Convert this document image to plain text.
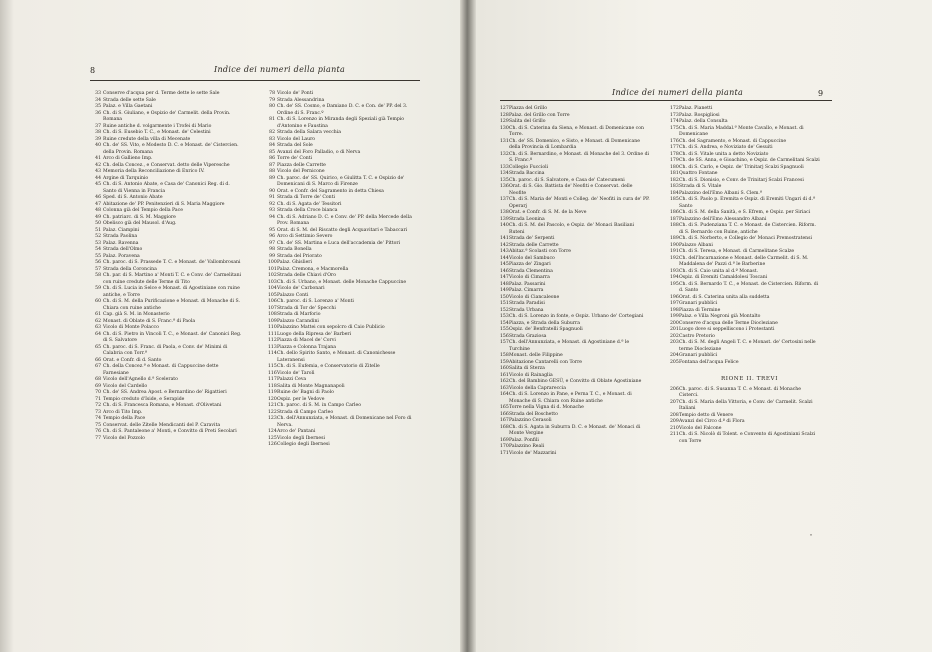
8	Indice dei numeri della pianta
33 Conserve d'acqua per d. Terme dette le sette Sale
34 Strada delle sette Sale
35 Palaz. e Villa Gaetani
36 Ch. di S. Giuliano, e Ospizio de' Carmelit. della Provin. Romana
37 Ruine antiche d. volgarmente i Trofei di Mario
38 Ch. di S. Eusebio T. C., e Monast. de' Celestini
39 Ruine credute della villa di Mecenate
40 Ch. de' SS. Vito, e Modesto D. C. e Monast. de' Cistercien. della Provin. Romana
41 Arco di Gallieno Imp.
42 Ch. della Concez., e Conservat. detto delle Viperesche
43 Memoria della Reconciliazione di Enrico IV.
44 Argine di Tarquinio
45 Ch. di S. Antonio Abate, e Casa de' Canonici Reg. di d. Santo di Vienna in Francia
46 Sped. di S. Antonio Abate
47 Abitazione de' PP. Penitenzieri di S. Maria Maggiore
48 Colonna già del Tempio della Pace
49 Ch. patriarc. di S. M. Maggiore
50 Obelisco già del Mausol. d'Aug.
51 Palaz. Ciampini
52 Strada Paolina
53 Palaz. Ravenna
54 Strada dell'Olmo
55 Palaz. Poravena
56 Ch. paroc. di S. Prassede T. C. e Monast. de' Vallombrosani
57 Strada della Coroncina
58 Ch. par. di S. Martino a' Monti T. C. e Conv. de' Carmelitani con ruine credute delle Terme di Tito
59 Ch. di S. Lucia in Selce e Monast. di Agostiniane con ruine antiche, e Torre
60 Ch. di S. M. della Purificazione e Monast. di Monache di S. Chiara con ruine antiche
61 Cap. già S. M. in Monasterio
62 Monast. di Oblate di S. Franc.ª di Paola
63 Vicolo di Monte Polacco
64 Ch. di S. Pietro in Vincoli T. C., e Monast. de' Canonici Reg. di S. Salvatore
65 Ch. paroc. di S. Franc. di Paola, e Conv. de' Minimi di Calabria con Torr.ª
66 Orat. e Confr. di d. Santo
67 Ch. della Concez.ª e Monast. di Cappuccine dette Farnesiane
68 Vicolo dell'Agnello d.ª Scelerato
69 Vicolo del Cardello
70 Ch. de' SS. Andrea Apost. e Bernardino de' Rigattieri
71 Tempio creduto d'Iside, e Serapide
72 Ch. di S. Francesca Romana, e Monast. d'Olivetani
73 Arco di Tito Imp.
74 Tempio della Pace
75 Conservat. delle Zitelle Mendicanti del P. Caravita
76 Ch. di S. Pantaleone a' Monti, e Convitto di Preti Secolari
77 Vicolo del Pozzolo
78 Vicolo de' Ponti
79 Strada Alessandrina
80 Ch. de' SS. Cosmo, e Damiano D. C. e Con. de' PP. del 3. Ordine di S. Franc.º
81 Ch. di S. Lorenzo in Miranda degli Speziali già Tempio d'Antonino e Faustina
82 Strada della Salara vecchia
83 Vicolo del Lauro
84 Strada del Sole
85 Avanzi del Foro Palladio, o di Nerva
86 Torre de' Conti
87 Piazza delle Carrette
88 Vicolo del Pernicone
89 Ch. paroc. de' SS. Quirico, e Giulitta T. C. e Ospizio de' Domenicani di S. Marco di Firenze
90 Orat. e Confr. del Sagramento in detta Chiesa
91 Strada di Torre de' Conti
92 Ch. di S. Agata de' Tessitori
93 Strada della Croce bianca
94 Ch. di S. Adriano D. C. e Conv. de' PP. della Mercede della Prov. Romana
95 Orat. di S. M. del Riscatto degli Acquavitari e Tabaccari
96 Arco di Settimio Severo
97 Ch. de' SS. Martina e Luca dell'accademia de' Pittori
98 Strada Bonella
99 Strada del Priorato
100 Palaz. Ghislieri
101 Palaz. Cremona, e Macmorella
102 Strada delle Chiavi d'Oro
103 Ch. di S. Urbano, e Monast. delle Monache Cappuccine
104 Vicolo de' Carbonari
105 Palazzo Conti
106 Ch. paroc. di S. Lorenzo a' Monti
107 Strada di Tor de' Specchi
108 Strada di Marforio
109 Palazzo Carandini
110 Palazzino Mattei con sepolcro di Caio Publicio
111 Luogo della Ripresa de' Barberi
112 Piazza di Macel de' Corvi
113 Piazza e Colonna Trajana
114 Ch. dello Spirito Santo, e Monast. di Canonichesse Lateranensi
115 Ch. di S. Eufemia, e Conservatorio di Zitelle
116 Vicolo de' Tarolì
117 Palazzi Ceva
118 Salita di Monte Magnanapoli
119 Ruine de' Bagni di Paolo
120 Ospiz. per le Vedove
121 Ch. paroc. di S. M. in Campo Carleo
122 Strada di Campo Carleo
123 Ch. dell'Annunziata, e Monast. di Domenicane nel Foro di Nerva.
124 Arco de' Pantani
125 Vicolo degli Ibernesi
126 Collegio degli Ibernesi
Indice dei numeri della pianta	9
127 Piazza del Grillo
128 Palaz. del Grillo con Torre
129 Salita del Grillo
130 Ch. di S. Caterina da Siena, e Monast. di Domenicane con Torre.
131 Ch. de' SS. Domenico, e Sisto, e Monast. di Domenicane della Provincia di Lombardia
132 Ch. di S. Bernardino, e Monast. di Monache del 3. Ordine di S. Franc.º
133 Collegio Fuccioli
134 Strada Baccina
135 Ch. paroc. di S. Salvatore, e Casa de' Catecumeni
136 Orat. di S. Gio. Battista de' Neofiti e Conservat. delle Neofite
137 Ch. di S. Maria de' Monti e Colleg. de' Neofiti in cura de' PP. Operarj
138 Orat. e Confr. di S. M. de la Neve
139 Strada Leonina
140 Ch. di S. M. del Pascolo, e Ospiz. de' Monaci Basiliani Ruteni
141 Strada de' Serpenti
142 Strada delle Carrette
143 Abitaz.ª Scolasti con Torre
144 Vicolo del Sambuco
145 Piazza de' Zingari
146 Strada Clementina
147 Vicolo di Cimarra
148 Palaz. Passarini
149 Palaz. Cimarra
150 Vicolo di Ciancaleone
151 Strada Paradisi
152 Strada Urbana
153 Ch. di S. Lorenzo in fonte, e Ospiz. Urbano de' Cortegiani
154 Piazza, e Strada della Suburra
155 Ospiz. de' Benfratelli Spagnuoli
156 Strada Graziosa
157 Ch. dell'Annunziata, e Monast. di Agostiniane d.ª le Turchine
158 Monast. delle Filippine
159 Abitazione Cantarelli con Torre
160 Salita di Sterza
161 Vicolo di Rainaglia
162 Ch. del Bambino GESÙ, e Convitto di Oblate Agostiniane
163 Vicolo della Caprareccia
164 Ch. di S. Lorenzo in Pane, e Perna T. C., e Monast. di Monache di S. Chiara con Ruine antiche
165 Torre nella Vigna di d. Monache
166 Strada del Boschetto
167 Palazzino Cerasoli
168 Ch. di S. Agata in Suburra D. C. e Monast. de' Monaci di Monte Vergine
169 Palaz. Ponfili
170 Palazzino Reali
171 Vicolo de' Mazzarini
172 Palaz. Pianetti
173 Palaz. Rospigliosi
174 Palaz. della Consulta
175 Ch. di S. Maria Maddal.ª Monte Cavallo, e Monast. di Domenicane
176 Ch. del Sagramento, e Monast. di Cappuccine
177 Ch. di S. Andrea, e Noviziato de' Gesuiti
178 Ch. di S. Vitale unita a detto Noviziato
179 Ch. de SS. Anna, e Gioachino, e Ospiz. de Carmelitani Scalzi
180 Ch. di S. Carlo, e Ospiz. de' Trinitarj Scalzi Spagnuoli
181 Quattro Fontane
182 Ch. di S. Dionisio, e Conv. de Trinitarj Scalzi Francesi
183 Strada di S. Vitale
184 Palazzino dell'Emo Albani S. Clem.ª
185 Ch. di S. Paolo p. Eremita e Ospiz. di Eremiti Ungari di d.ª Santo
186 Ch. di S. M. della Sanità, e S. Efrem, e Ospiz. per Siriaci
187 Palazzino dell'Emo Alessandro Albani
188 Ch. di S. Pudenziana T. C. e Monast. de Cistercien. Riform. di S. Bernardo con Ruine, antiche
189 Ch. di S. Norberto, e Collegio de' Monaci Premostratensi
190 Palazzo Albani
191 Ch. di S. Teresa, e Monast. di Carmelitane Scalze
192 Ch. dell'Incarnazione e Monast. delle Carmelit. di S. M. Maddalena de' Pazzi d.ª le Barberine
193 Ch. di S. Caio unita al d.º Monast.
194 Ospiz. di Eremiti Camaldolesi Toscani
195 Ch. di S. Bernardo T. C., e Monast. de Cistercien. Riform. di d. Santo
196 Orat. di S. Caterina unita alla suddetta
197 Granari pubblici
198 Piazza di Termine
199 Palaz. e Villa Negroni già Montalto
200 Conserve d'acqua delle Terme Diocleziane
201 Luogo dove si seppelliscono i Protestanti
202 Castro Pretorio
203 Ch. di S. M. degli Angeli T. C. e Monast. de' Certosini nelle terme Diocleziane
204 Granari pubblici
205 Fontana dell'acqua Felice
RIONE II. TREVI
206 Ch. paroc. di S. Susanna T. C. e Monast. di Monache Cisterci.
207 Ch. di S. Maria della Vittoria, e Conv. de' Carmelit. Scalzi Italiani
208 Tempio detto di Venere
209 Avanzi del Circo d.º di Flora
210 Vicolo del Falcone
211 Ch. di S. Nicolò di Tolent. e Convento di Agostiniani Scalzi con Torre
*
